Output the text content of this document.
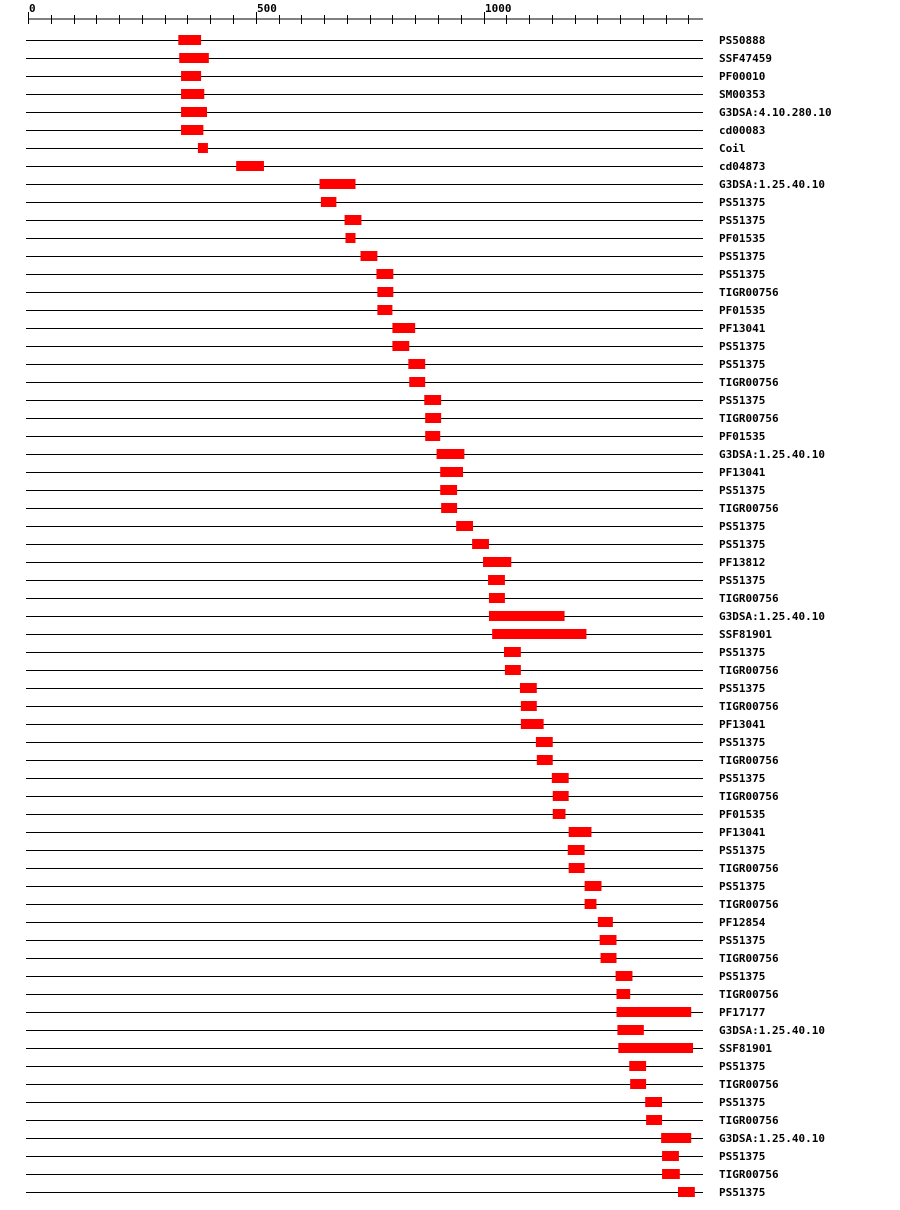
0	500	1000
PS50888
SSF47459
PF00010
SM00353
G3DSA:4.10.280.10
cd00083
Coil
cd04873
G3DSA:1.25.40.10
PS51375
PS51375
PF01535
PS51375
PS51375
TIGR00756
PF01535
PF13041
PS51375
PS51375
TIGR00756
PS51375
TIGR00756
PF01535
G3DSA:1.25.40.10
PF13041
PS51375
TIGR00756
PS51375
PS51375
PF13812
PS51375
TIGR00756
G3DSA:1.25.40.10
SSF81901
PS51375
TIGR00756
PS51375
TIGR00756
PF13041
PS51375
TIGR00756
PS51375
TIGR00756
PF01535
PF13041
PS51375
TIGR00756
PS51375
TIGR00756
PF12854
PS51375
TIGR00756
PS51375
TIGR00756
PF17177
G3DSA:1.25.40.10
SSF81901
PS51375
TIGR00756
PS51375
TIGR00756
G3DSA:1.25.40.10
PS51375
TIGR00756
PS51375
